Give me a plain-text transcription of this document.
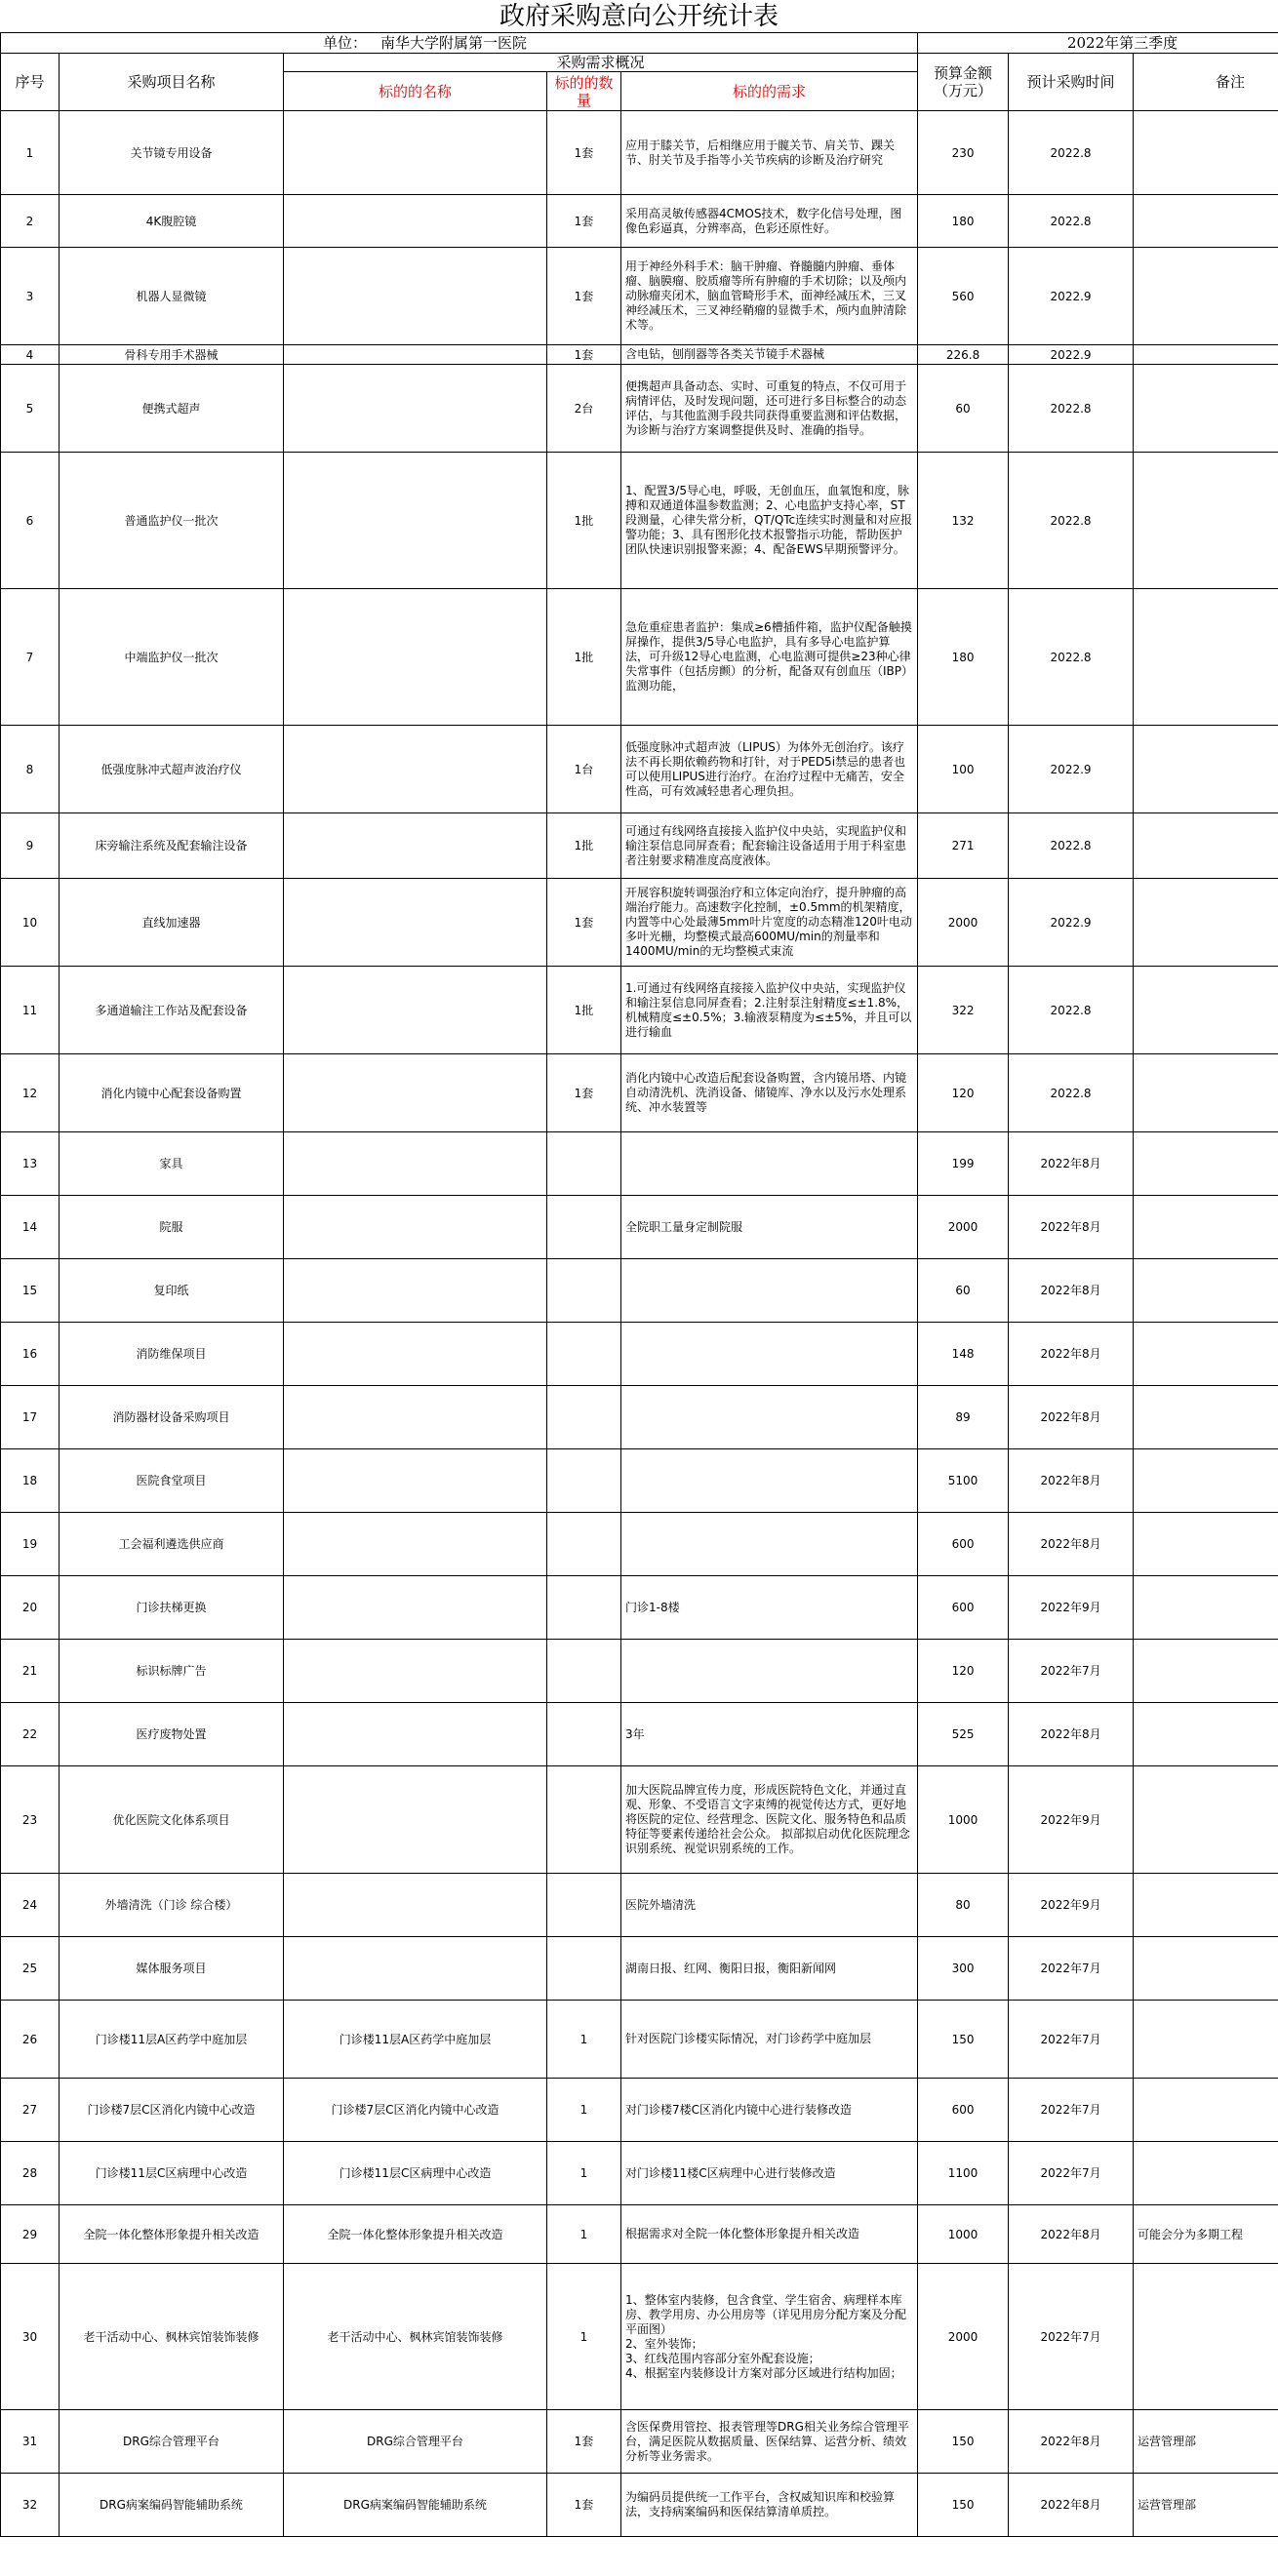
政府采购意向公开统计表
单位： 南华大学附属第一医院					2022年第三季度		
序号	采购项目名称	采购需求概况			预算金额（万元）	预计采购时间	备注
		标的的名称	标的的数量	标的的需求			
1	关节镜专用设备		1套	应用于膝关节，后相继应用于髋关节、肩关节、踝关节、肘关节及手指等小关节疾病的诊断及治疗研究	230	2022.8	
2	4K腹腔镜		1套	采用高灵敏传感器4CMOS技术，数字化信号处理，图像色彩逼真，分辨率高，色彩还原性好。	180	2022.8	
3	机器人显微镜		1套	用于神经外科手术：脑干肿瘤、脊髓髓内肿瘤、垂体瘤、脑膜瘤、胶质瘤等所有肿瘤的手术切除；以及颅内动脉瘤夹闭术，脑血管畸形手术，面神经减压术，三叉神经减压术，三叉神经鞘瘤的显微手术，颅内血肿清除术等。	560	2022.9	
4	骨科专用手术器械		1套	含电钻，刨削器等各类关节镜手术器械	226.8	2022.9	
5	便携式超声		2台	便携超声具备动态、实时、可重复的特点，不仅可用于病情评估，及时发现问题，还可进行多目标整合的动态评估，与其他监测手段共同获得重要监测和评估数据，为诊断与治疗方案调整提供及时、准确的指导。	60	2022.8	
6	普通监护仪一批次		1批	1、配置3/5导心电，呼吸，无创血压，血氧饱和度，脉搏和双通道体温参数监测；2、心电监护支持心率，ST段测量，心律失常分析，QT/QTc连续实时测量和对应报警功能；3、具有图形化技术报警指示功能，帮助医护团队快速识别报警来源；4、配备EWS早期预警评分。	132	2022.8	
7	中端监护仪一批次		1批	急危重症患者监护：集成≥6槽插件箱，监护仪配备触摸屏操作，提供3/5导心电监护，具有多导心电监护算法，可升级12导心电监测，心电监测可提供≥23种心律失常事件（包括房颤）的分析，配备双有创血压（IBP）监测功能，	180	2022.8	
8	低强度脉冲式超声波治疗仪		1台	低强度脉冲式超声波（LIPUS）为体外无创治疗。该疗法不再长期依赖药物和打针，对于PED5i禁忌的患者也可以使用LIPUS进行治疗。在治疗过程中无痛苦，安全性高，可有效减轻患者心理负担。	100	2022.9	
9	床旁输注系统及配套输注设备		1批	可通过有线网络直接接入监护仪中央站，实现监护仪和输注泵信息同屏查看；配套输注设备适用于用于科室患者注射要求精准度高度液体。	271	2022.8	
10	直线加速器		1套	开展容积旋转调强治疗和立体定向治疗，提升肿瘤的高端治疗能力。高速数字化控制，±0.5mm的机架精度，内置等中心处最薄5mm叶片宽度的动态精准120叶电动多叶光栅，均整模式最高600MU/min的剂量率和1400MU/min的无均整模式束流	2000	2022.9	
11	多通道输注工作站及配套设备		1批	1.可通过有线网络直接接入监护仪中央站，实现监护仪和输注泵信息同屏查看；2.注射泵注射精度≤±1.8%，机械精度≤±0.5%；3.输液泵精度为≤±5%，并且可以进行输血	322	2022.8	
12	消化内镜中心配套设备购置		1套	消化内镜中心改造后配套设备购置，含内镜吊塔、内镜自动清洗机、洗消设备、储镜库、净水以及污水处理系统、冲水装置等	120	2022.8	
13	家具				199	2022年8月	
14	院服			全院职工量身定制院服	2000	2022年8月	
15	复印纸				60	2022年8月	
16	消防维保项目				148	2022年8月	
17	消防器材设备采购项目				89	2022年8月	
18	医院食堂项目				5100	2022年8月	
19	工会福利遴选供应商				600	2022年8月	
20	门诊扶梯更换			门诊1-8楼	600	2022年9月	
21	标识标牌广告				120	2022年7月	
22	医疗废物处置			3年	525	2022年8月	
23	优化医院文化体系项目			加大医院品牌宣传力度，形成医院特色文化，并通过直观、形象、不受语言文字束缚的视觉传达方式，更好地将医院的定位、经营理念、医院文化、服务特色和品质特征等要素传递给社会公众。 拟部拟启动优化医院理念识别系统、视觉识别系统的工作。	1000	2022年9月	
24	外墙清洗（门诊 综合楼）			医院外墙清洗	80	2022年9月	
25	媒体服务项目			湖南日报、红网、衡阳日报，衡阳新闻网	300	2022年7月	
26	门诊楼11层A区药学中庭加层	门诊楼11层A区药学中庭加层	1	针对医院门诊楼实际情况，对门诊药学中庭加层	150	2022年7月	
27	门诊楼7层C区消化内镜中心改造	门诊楼7层C区消化内镜中心改造	1	对门诊楼7楼C区消化内镜中心进行装修改造	600	2022年7月	
28	门诊楼11层C区病理中心改造	门诊楼11层C区病理中心改造	1	对门诊楼11楼C区病理中心进行装修改造	1100	2022年7月	
29	全院一体化整体形象提升相关改造	全院一体化整体形象提升相关改造	1	根据需求对全院一体化整体形象提升相关改造	1000	2022年8月	可能会分为多期工程
30	老干活动中心、枫林宾馆装饰装修	老干活动中心、枫林宾馆装饰装修	1	1、整体室内装修，包含食堂、学生宿舍、病理样本库房、教学用房、办公用房等（详见用房分配方案及分配平面图）
2、室外装饰；
3、红线范围内容部分室外配套设施；
4、根据室内装修设计方案对部分区域进行结构加固；	2000	2022年7月	
31	DRG综合管理平台	DRG综合管理平台	1套	含医保费用管控、报表管理等DRG相关业务综合管理平台，满足医院从数据质量、医保结算、运营分析、绩效分析等业务需求。	150	2022年8月	运营管理部
32	DRG病案编码智能辅助系统	DRG病案编码智能辅助系统	1套	为编码员提供统一工作平台，含权威知识库和校验算法，支持病案编码和医保结算清单质控。	150	2022年8月	运营管理部
